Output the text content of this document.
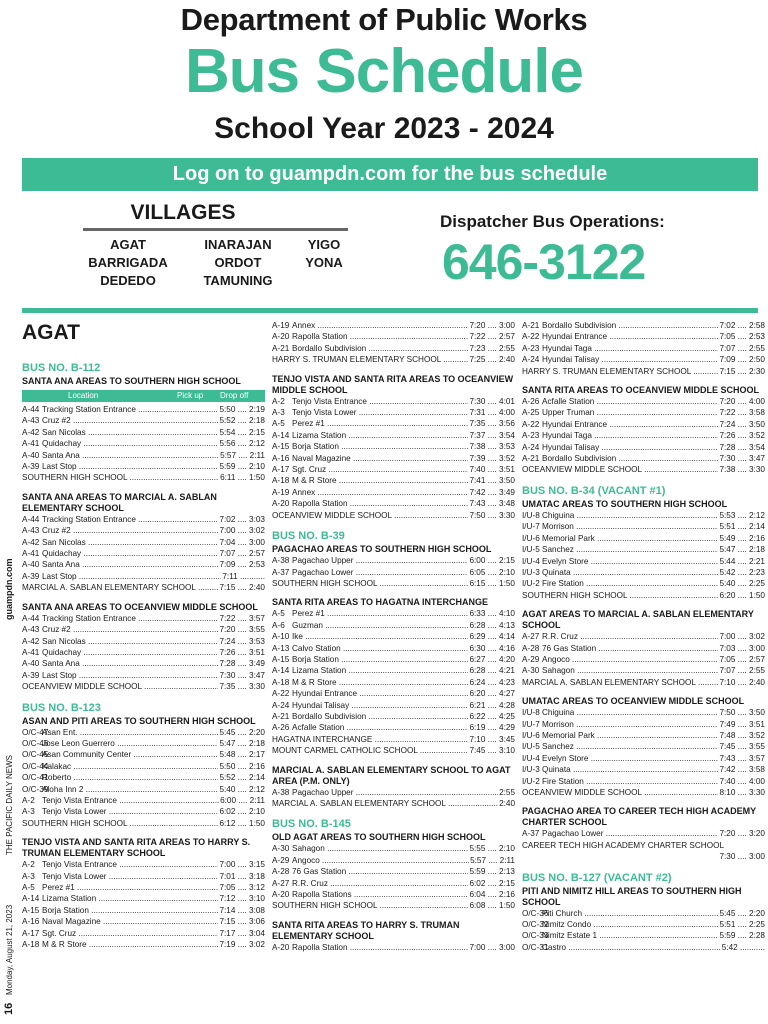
Department of Public Works
Bus Schedule
School Year 2023 - 2024
Log on to guampdn.com for the bus schedule
VILLAGES
AGAT
BARRIGADA
DEDEDO
INARAJAN
ORDOT
TAMUNING
YIGO
YONA
Dispatcher Bus Operations:
646-3122
16
Monday, August 21, 2023
THE PACIFIC DAILY NEWS
guampdn.com
AGAT
BUS NO. B-112
SANTA ANA AREAS TO SOUTHERN HIGH SCHOOL
Location	Pick up Drop off
A-44 Tracking Station Entrance .....	5:50 .... 2:19
A-43 Cruz #2 .....	5:52 .... 2:18
A-42 San Nicolas .....	5:54 .... 2:15
A-41 Quidachay .....	5:56 .... 2:12
A-40 Santa Ana .....	5:57 .... 2:11
A-39 Last Stop .....	5:59 .... 2:10
SOUTHERN HIGH SCHOOL .....	6:11 .... 1:50
SANTA ANA AREAS TO MARCIAL A. SABLAN ELEMENTARY SCHOOL
A-44 Tracking Station Entrance .....	7:02 .... 3:03
A-43 Cruz #2 .....	7:00 .... 3:02
A-42 San Nicolas .....	7:04 .... 3:00
A-41 Quidachay .....	7:07 .... 2:57
A-40 Santa Ana .....	7:09 .... 2:53
A-39 Last Stop .....	7:11 ...........
MARCIAL A. SABLAN ELEMENTARY SCHOOL .....	7:15 .... 2:40
SANTA ANA AREAS TO OCEANVIEW MIDDLE SCHOOL
A-44 Tracking Station Entrance .....	7:22 .... 3:57
A-43 Cruz #2 .....	7:20 .... 3:55
A-42 San Nicolas .....	7:24 .... 3:53
A-41 Quidachay .....	7:26 .... 3:51
A-40 Santa Ana .....	7:28 .... 3:49
A-39 Last Stop .....	7:30 .... 3:47
OCEANVIEW MIDDLE SCHOOL .....	7:35 .... 3:30
BUS NO. B-123
ASAN AND PITI AREAS TO SOUTHERN HIGH SCHOOL
O/C-47
Asan Ent. .....	5:45 .... 2:20
O/C-46
Jose Leon Guerrero .....	5:47 .... 2:18
O/C-45
Asan Community Center .....	5:48 .... 2:17
O/C-44
Kalakac .....	5:50 .... 2:16
O/C-41
Roberto .....	5:52 .... 2:14
O/C-39
Aloha Inn 2 .....	5:40 .... 2:12
A-2 Tenjo Vista Entrance .....	6:00 .... 2:11
A-3 Tenjo Vista Lower .....	6:02 .... 2:10
SOUTHERN HIGH SCHOOL .....	6:12 .... 1:50
TENJO VISTA AND SANTA RITA AREAS TO HARRY S. TRUMAN ELEMENTARY SCHOOL
A-2 Tenjo Vista Entrance .....	7:00 .... 3:15
A-3 Tenjo Vista Lower .....	7:01 .... 3:18
A-5 Perez #1 .....	7:05 .... 3:12
A-14 Lizama Station .....	7:12 .... 3:10
A-15 Borja Station .....	7:14 .... 3:08
A-16 Naval Magazine .....	7:15 .... 3:06
A-17 Sgt. Cruz .....	7:17 .... 3:04
A-18 M & R Store .....	7:19 .... 3:02
A-19 Annex .....	7:20 .... 3:00
A-20 Rapolla Station .....	7:22 .... 2:57
A-21 Bordallo Subdivision .....	7:23 .... 2:55
HARRY S. TRUMAN ELEMENTARY SCHOOL .....	7:25 .... 2:40
TENJO VISTA AND SANTA RITA AREAS TO OCEANVIEW MIDDLE SCHOOL
A-2 Tenjo Vista Entrance .....	7:30 .... 4:01
A-3 Tenjo Vista Lower .....	7:31 .... 4:00
A-5 Perez #1 .....	7:35 .... 3:56
A-14 Lizama Station .....	7:37 .... 3:54
A-15 Borja Station .....	7:38 .... 3:53
A-16 Naval Magazine .....	7:39 .... 3:52
A-17 Sgt. Cruz .....	7:40 .... 3:51
A-18 M & R Store .....	7:41 .... 3:50
A-19 Annex .....	7:42 .... 3:49
A-20 Rapolla Station .....	7:43 .... 3:48
OCEANVIEW MIDDLE SCHOOL .....	7:50 .... 3:30
BUS NO. B-39
PAGACHAO AREAS TO SOUTHERN HIGH SCHOOL
A-38 Pagachao Upper .....	6:00 .... 2:15
A-37 Pagachao Lower .....	6:05 .... 2:10
SOUTHERN HIGH SCHOOL .....	6:15 .... 1:50
SANTA RITA AREAS TO HAGATNA INTERCHANGE
A-5 Perez #1 .....	6:33 .... 4:10
A-6 Guzman .....	6:28 .... 4:13
A-10 Ike .....	6:29 .... 4:14
A-13 Calvo Station .....	6:30 .... 4:16
A-15 Borja Station .....	6:27 .... 4:20
A-14 Lizama Station .....	6:28 .... 4:21
A-18 M & R Store .....	6:24 .... 4:23
A-22 Hyundai Entrance .....	6:20 .... 4:27
A-24 Hyundai Talisay .....	6:21 .... 4:28
A-21 Bordallo Subdivision .....	6:22 .... 4:25
A-26 Acfalle Station .....	6:19 .... 4:29
HAGATNA INTERCHANGE .....	7:10 .... 3:45
MOUNT CARMEL CATHOLIC SCHOOL .....	7:45 .... 3:10
MARCIAL A. SABLAN ELEMENTARY SCHOOL TO AGAT AREA (P.M. ONLY)
A-38 Pagachao Upper .....	2:55
MARCIAL A. SABLAN ELEMENTARY SCHOOL .....	2:40
BUS NO. B-145
OLD AGAT AREAS TO SOUTHERN HIGH SCHOOL
A-30 Sahagon .....	5:55 .... 2:10
A-29 Angoco .....	5:57 .... 2:11
A-28 76 Gas Station .....	5:59 .... 2:13
A-27 R.R. Cruz .....	6:02 .... 2:15
A-20 Rapolla Stations .....	6:04 .... 2:16
SOUTHERN HIGH SCHOOL .....	6:08 .... 1:50
SANTA RITA AREAS TO HARRY S. TRUMAN ELEMENTARY SCHOOL
A-20 Rapolla Station .....	7:00 .... 3:00
A-21 Bordallo Subdivision .....	7:02 .... 2:58
A-22 Hyundai Entrance .....	7:05 .... 2:53
A-23 Hyundai Taga .....	7:07 .... 2:55
A-24 Hyundai Talisay .....	7:09 .... 2:50
HARRY S. TRUMAN ELEMENTARY SCHOOL .....	7:15 .... 2:30
SANTA RITA AREAS TO OCEANVIEW MIDDLE SCHOOL
A-26 Acfalle Station .....	7:20 .... 4:00
A-25 Upper Truman .....	7:22 .... 3:58
A-22 Hyundai Entrance .....	7:24 .... 3:50
A-23 Hyundai Taga .....	7:26 .... 3:52
A-24 Hyundai Talisay .....	7:28 .... 3:54
A-21 Bordallo Subdivision .....	7:30 .... 3:47
OCEANVIEW MIDDLE SCHOOL .....	7:38 .... 3:30
BUS NO. B-34 (VACANT #1)
UMATAC AREAS TO SOUTHERN HIGH SCHOOL
I/U-8 Chiguina .....	5:53 .... 2:12
I/U-7 Morrison .....	5:51 .... 2:14
I/U-6 Memorial Park .....	5:49 .... 2:16
I/U-5 Sanchez .....	5:47 .... 2:18
I/U-4 Evelyn Store .....	5:44 .... 2:21
I/U-3 Quinata .....	5:42 .... 2:23
I/U-2 Fire Station .....	5:40 .... 2:25
SOUTHERN HIGH SCHOOL .....	6:20 .... 1:50
AGAT AREAS TO MARCIAL A. SABLAN ELEMENTARY SCHOOL
A-27 R.R. Cruz .....	7:00 .... 3:02
A-28 76 Gas Station .....	7:03 .... 3:00
A-29 Angoco .....	7:05 .... 2:57
A-30 Sahagon .....	7:07 .... 2:55
MARCIAL A. SABLAN ELEMENTARY SCHOOL .....	7:10 .... 2:40
UMATAC AREAS TO OCEANVIEW MIDDLE SCHOOL
I/U-8 Chiguina .....	7:50 .... 3:50
I/U-7 Morrison .....	7:49 .... 3:51
I/U-6 Memorial Park .....	7:48 .... 3:52
I/U-5 Sanchez .....	7:45 .... 3:55
I/U-4 Evelyn Store .....	7:43 .... 3:57
I/U-3 Quinata .....	7:42 .... 3:58
I/U-2 Fire Station .....	7:40 .... 4:00
OCEANVIEW MIDDLE SCHOOL .....	8:10 .... 3:30
PAGACHAO AREA TO CAREER TECH HIGH ACADEMY CHARTER SCHOOL
A-37 Pagachao Lower .....	7:20 .... 3:20
CAREER TECH HIGH ACADEMY CHARTER SCHOOL
7:30 .... 3:00
BUS NO. B-127 (VACANT #2)
PITI AND NIMITZ HILL AREAS TO SOUTHERN HIGH SCHOOL
O/C-36
Piti Church .....	5:45 .... 2:20
O/C-32
Nimitz Condo .....	5:51 .... 2:25
O/C-33
Nimitz Estate 1 .....	5:59 .... 2:28
O/C-31
Castro .....	5:42 ...........
